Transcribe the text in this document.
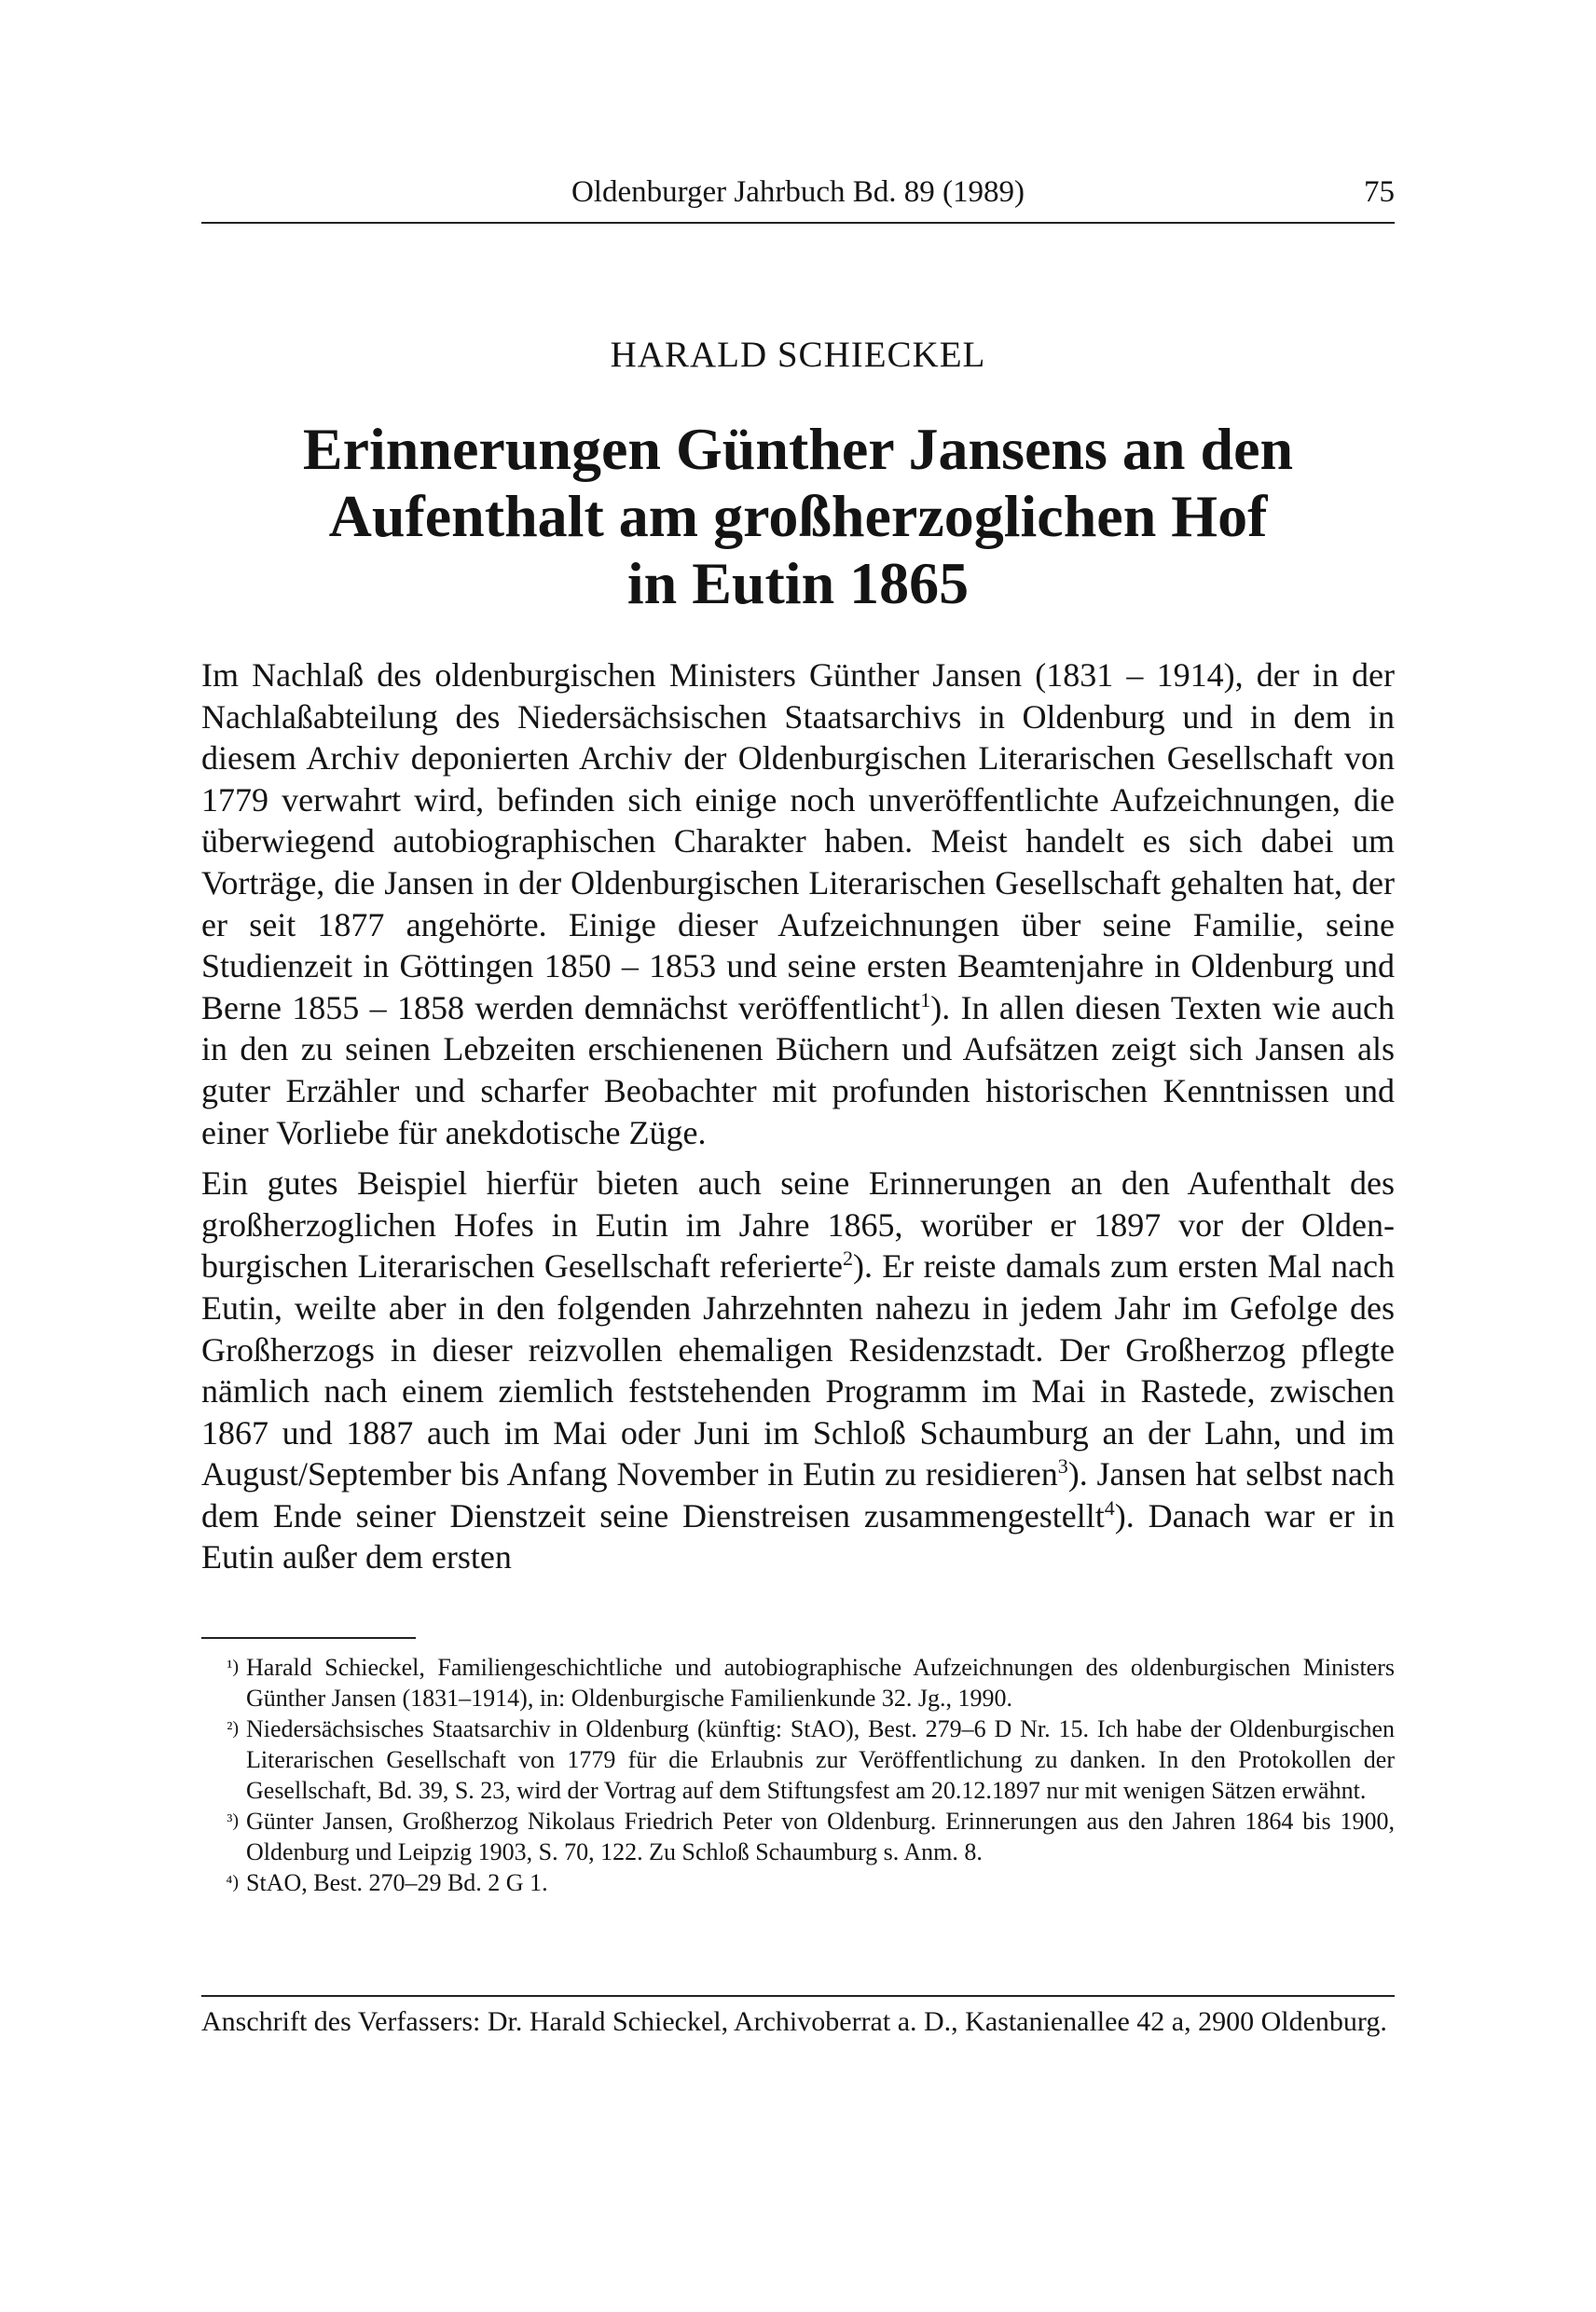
Oldenburger Jahrbuch Bd. 89 (1989)	75
HARALD SCHIECKEL
Erinnerungen Günther Jansens an den
Aufenthalt am großherzoglichen Hof
in Eutin 1865

Im Nachlaß des oldenburgischen Ministers Günther Jansen (1831 – 1914), der in der Nachlaßabteilung des Niedersächsischen Staatsarchivs in Oldenburg und in dem in diesem Archiv deponierten Archiv der Oldenburgischen Literarischen Gesellschaft von 1779 verwahrt wird, befinden sich einige noch unveröffentlichte Aufzeichnungen, die überwiegend autobiographischen Charakter haben. Meist handelt es sich dabei um Vorträge, die Jansen in der Oldenburgischen Literarischen Gesellschaft gehalten hat, der er seit 1877 angehörte. Einige dieser Aufzeichnungen über seine Familie, seine Studienzeit in Göttingen 1850 – 1853 und seine ersten Beamtenjahre in Oldenburg und Berne 1855 – 1858 werden demnächst veröffentlicht$^1$). In allen diesen Texten wie auch in den zu seinen Lebzeiten erschienenen Büchern und Aufsätzen zeigt sich Jansen als guter Erzähler und scharfer Beobachter mit profunden historischen Kenntnissen und einer Vorliebe für anekdotische Züge.

Ein gutes Beispiel hierfür bieten auch seine Erinnerungen an den Aufenthalt des großherzoglichen Hofes in Eutin im Jahre 1865, worüber er 1897 vor der Oldenburgischen Literarischen Gesellschaft referierte$^2$). Er reiste damals zum ersten Mal nach Eutin, weilte aber in den folgenden Jahrzehnten nahezu in jedem Jahr im Gefolge des Großherzogs in dieser reizvollen ehemaligen Residenzstadt. Der Großherzog pflegte nämlich nach einem ziemlich feststehenden Programm im Mai in Rastede, zwischen 1867 und 1887 auch im Mai oder Juni im Schloß Schaumburg an der Lahn, und im August/September bis Anfang November in Eutin zu residieren$^3$). Jansen hat selbst nach dem Ende seiner Dienstzeit seine Dienstreisen zusammengestellt$^4$). Danach war er in Eutin außer dem ersten

¹) Harald Schieckel, Familiengeschichtliche und autobiographische Aufzeichnungen des oldenburgischen Ministers Günther Jansen (1831–1914), in: Oldenburgische Familienkunde 32. Jg., 1990.
²) Niedersächsisches Staatsarchiv in Oldenburg (künftig: StAO), Best. 279–6 D Nr. 15. Ich habe der Oldenburgischen Literarischen Gesellschaft von 1779 für die Erlaubnis zur Veröffentlichung zu danken. In den Protokollen der Gesellschaft, Bd. 39, S. 23, wird der Vortrag auf dem Stiftungsfest am 20.12.1897 nur mit wenigen Sätzen erwähnt.
³) Günter Jansen, Großherzog Nikolaus Friedrich Peter von Oldenburg. Erinnerungen aus den Jahren 1864 bis 1900, Oldenburg und Leipzig 1903, S. 70, 122. Zu Schloß Schaumburg s. Anm. 8.
⁴) StAO, Best. 270–29 Bd. 2 G 1.
Anschrift des Verfassers: Dr. Harald Schieckel, Archivoberrat a. D., Kastanienallee 42 a, 2900 Oldenburg.
